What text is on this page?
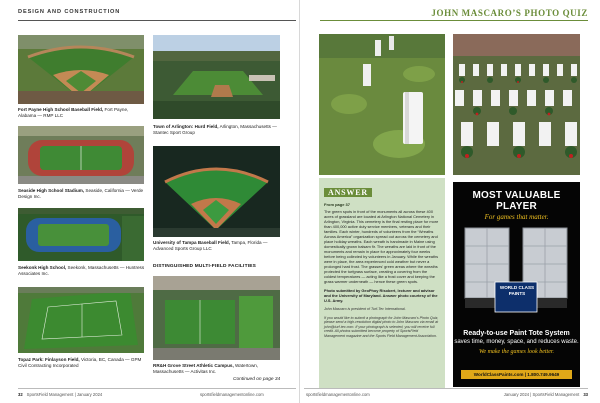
DESIGN AND CONSTRUCTION
Fort Payne High School Baseball Field, Fort Payne, Alabama — RMP LLC
Seaside High School Stadium, Seaside, California — Verde Design Inc.
Seekonk High School, Seekonk, Massachusetts — Huntress Associates Inc.
Topaz Park: Finlayson Field, Victoria, BC, Canada — GPM Civil Contracting Incorporated
Town of Arlington: Hurd Field, Arlington, Massachusetts — Stantec Sport Group
University of Tampa Baseball Field, Tampa, Florida — Advanced Sports Group LLC
DISTINGUISHED MULTI-FIELD FACILITIES
RR&H Grove Street Athletic Campus, Watertown, Massachusetts — Activitas Inc.
Continued on page 34
32 SportsField Management | January 2024	sportsfieldmanagementonline.com
JOHN MASCARO’S PHOTO QUIZ
ANSWER
From page 37
The green spots in front of the monuments all across these 400 acres of grassland are located at Arlington National Cemetery in Arlington, Virginia. This cemetery is the final resting place for more than 400,000 active duty service members, veterans and their families. Each winter, hundreds of volunteers from the “Wreaths Across America” organization spread out across the cemetery and place holiday wreaths. Each wreath is handmade in Maine using domestically grown balsam fir. The wreaths are laid in front of the monuments and remain in place for approximately four weeks before being collected by volunteers in January. While the wreaths were in place, the area experienced cold weather but never a prolonged hard frost. The grasses’ green areas where the wreaths protected the turfgrass surface, creating a covering from the coldest temperatures — acting like a frost cover and keeping the grass warmer underneath — hence these green spots.
Photo submitted by GeoPhoy Risobert, lecturer and advisor and the University of Maryland. Answer photo courtesy of the U.S. Army.
John Mascaro is president of Turf-Tec International.
If you would like to submit a photograph for John Mascaro’s Photo Quiz, please send a high-resolution digital photo to John Mascaro via email at john@turf-tec.com. If your photograph is selected, you will receive full credit. All photos submitted become property of SportsField Management magazine and the Sports Field Management Association.
MOST VALUABLE PLAYER
For games that matter.
WORLD CLASS PAINTS
Ready-to-use Paint Tote System
saves time, money, space, and reduces waste.
We make the games look better.
WorldClassPaints.com | 1.800.749.9649
sportsfieldmanagementonline.com	January 2024 | SportsField Management 33
